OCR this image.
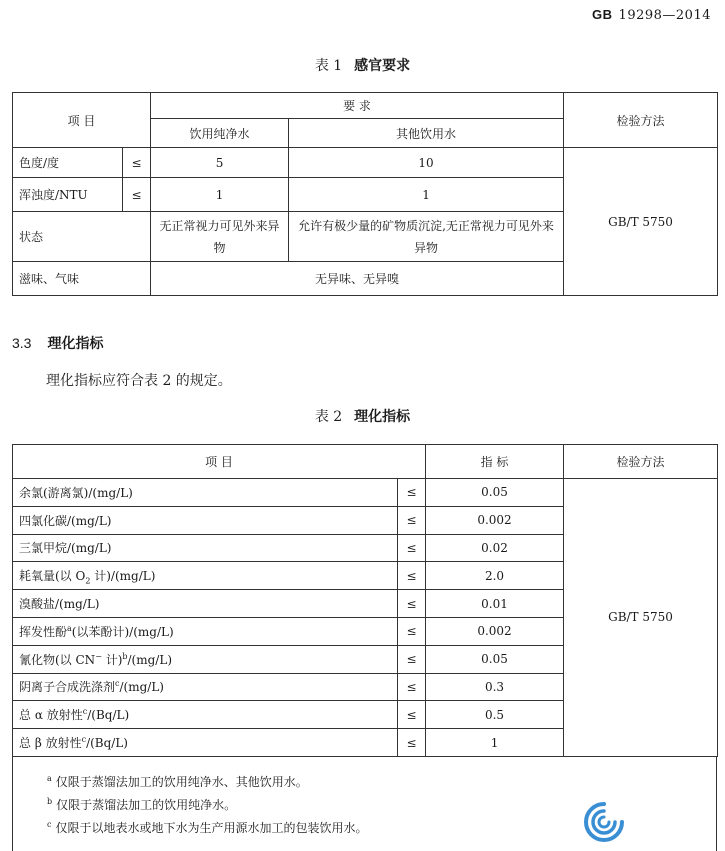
GB 19298—2014
表 1 感官要求
项 目		要 求		检验方法
		饮用纯净水	其他饮用水	
色度/度	≤	5	10	GB/T 5750
浑浊度/NTU	≤	1	1	
状态		无正常视力可见外来异物	允许有极少量的矿物质沉淀,无正常视力可见外来异物	
滋味、气味		无异味、无异嗅		
3.3 理化指标
理化指标应符合表 2 的规定。
表 2 理化指标
项 目		指 标	检验方法
余氯(游离氯)/(mg/L)	≤	0.05	GB/T 5750
四氯化碳/(mg/L)	≤	0.002	
三氯甲烷/(mg/L)	≤	0.02	
耗氧量(以 $O_2$ 计)/(mg/L)	≤	2.0	
溴酸盐/(mg/L)	≤	0.01	
挥发性酚$^a$(以苯酚计)/(mg/L)	≤	0.002	
氰化物(以 CN− 计)$^b$/(mg/L)	≤	0.05	
阴离子合成洗涤剂$^c$/(mg/L)	≤	0.3	
总 α 放射性$^c$/(Bq/L)	≤	0.5	
总 β 放射性$^c$/(Bq/L)	≤	1	
$^a$ 仅限于蒸馏法加工的饮用纯净水、其他饮用水。
$^b$ 仅限于蒸馏法加工的饮用纯净水。
$^c$ 仅限于以地表水或地下水为生产用源水加工的包装饮用水。
